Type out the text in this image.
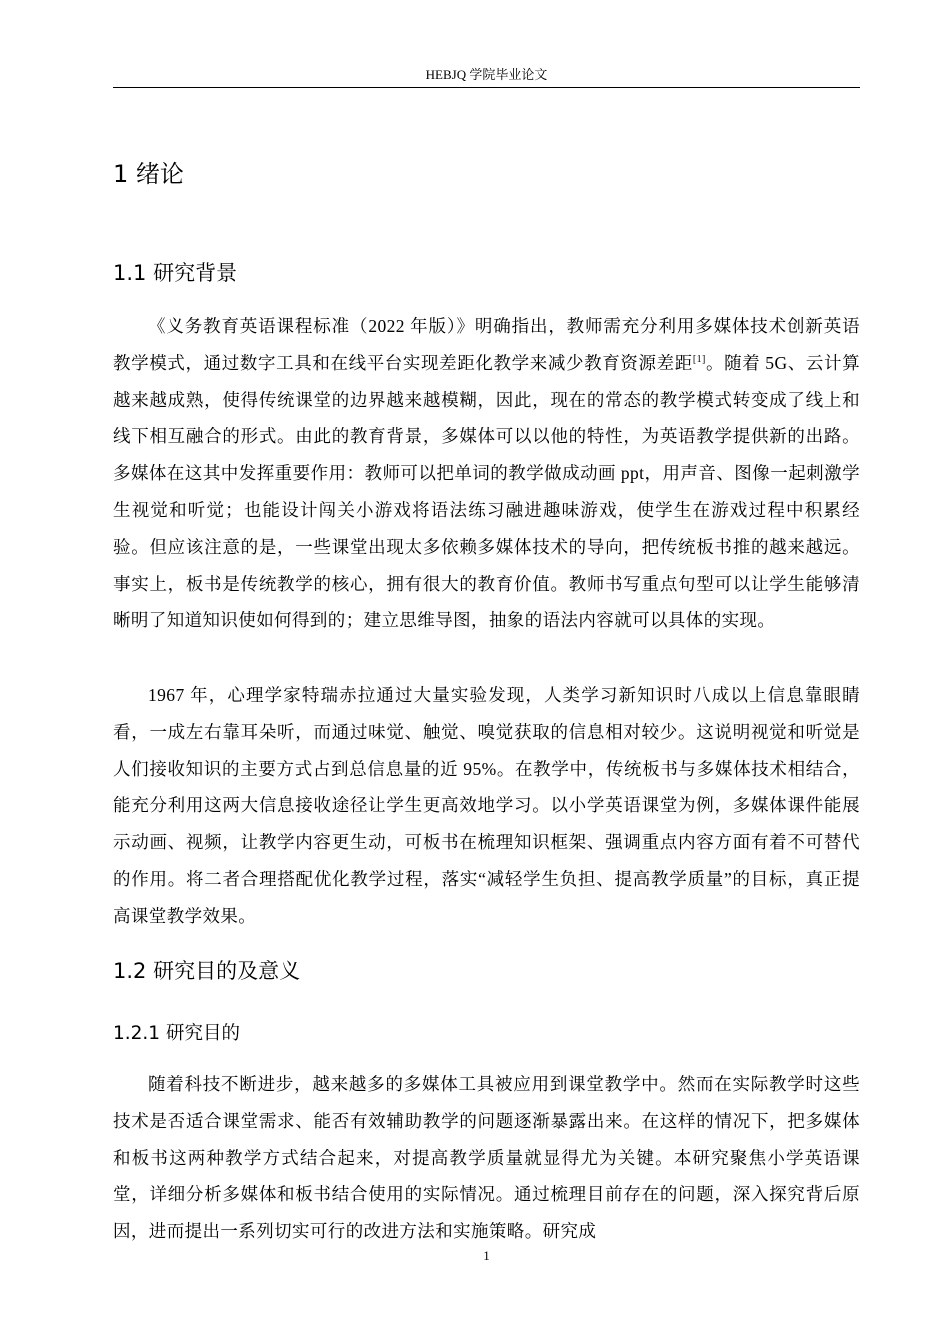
HEBJQ 学院毕业论文
1 绪论
1.1 研究背景

《义务教育英语课程标准（2022 年版）》明确指出，教师需充分利用多媒体技术创新英语教学模式，通过数字工具和在线平台实现差距化教学来减少教育资源差距[1]。随着 5G、云计算越来越成熟，使得传统课堂的边界越来越模糊，因此，现在的常态的教学模式转变成了线上和线下相互融合的形式。由此的教育背景，多媒体可以以他的特性，为英语教学提供新的出路。多媒体在这其中发挥重要作用：教师可以把单词的教学做成动画 ppt，用声音、图像一起刺激学生视觉和听觉；也能设计闯关小游戏将语法练习融进趣味游戏，使学生在游戏过程中积累经验。但应该注意的是，一些课堂出现太多依赖多媒体技术的导向，把传统板书推的越来越远。事实上，板书是传统教学的核心，拥有很大的教育价值。教师书写重点句型可以让学生能够清晰明了知道知识使如何得到的；建立思维导图，抽象的语法内容就可以具体的实现。

1967 年，心理学家特瑞赤拉通过大量实验发现，人类学习新知识时八成以上信息靠眼睛看，一成左右靠耳朵听，而通过味觉、触觉、嗅觉获取的信息相对较少。这说明视觉和听觉是人们接收知识的主要方式占到总信息量的近 95%。在教学中，传统板书与多媒体技术相结合，能充分利用这两大信息接收途径让学生更高效地学习。以小学英语课堂为例，多媒体课件能展示动画、视频，让教学内容更生动，可板书在梳理知识框架、强调重点内容方面有着不可替代的作用。将二者合理搭配优化教学过程，落实“减轻学生负担、提高教学质量”的目标，真正提高课堂教学效果。

1.2 研究目的及意义
1.2.1 研究目的

随着科技不断进步，越来越多的多媒体工具被应用到课堂教学中。然而在实际教学时这些技术是否适合课堂需求、能否有效辅助教学的问题逐渐暴露出来。在这样的情况下，把多媒体和板书这两种教学方式结合起来，对提高教学质量就显得尤为关键。本研究聚焦小学英语课堂，详细分析多媒体和板书结合使用的实际情况。通过梳理目前存在的问题，深入探究背后原因，进而提出一系列切实可行的改进方法和实施策略。研究成

1
